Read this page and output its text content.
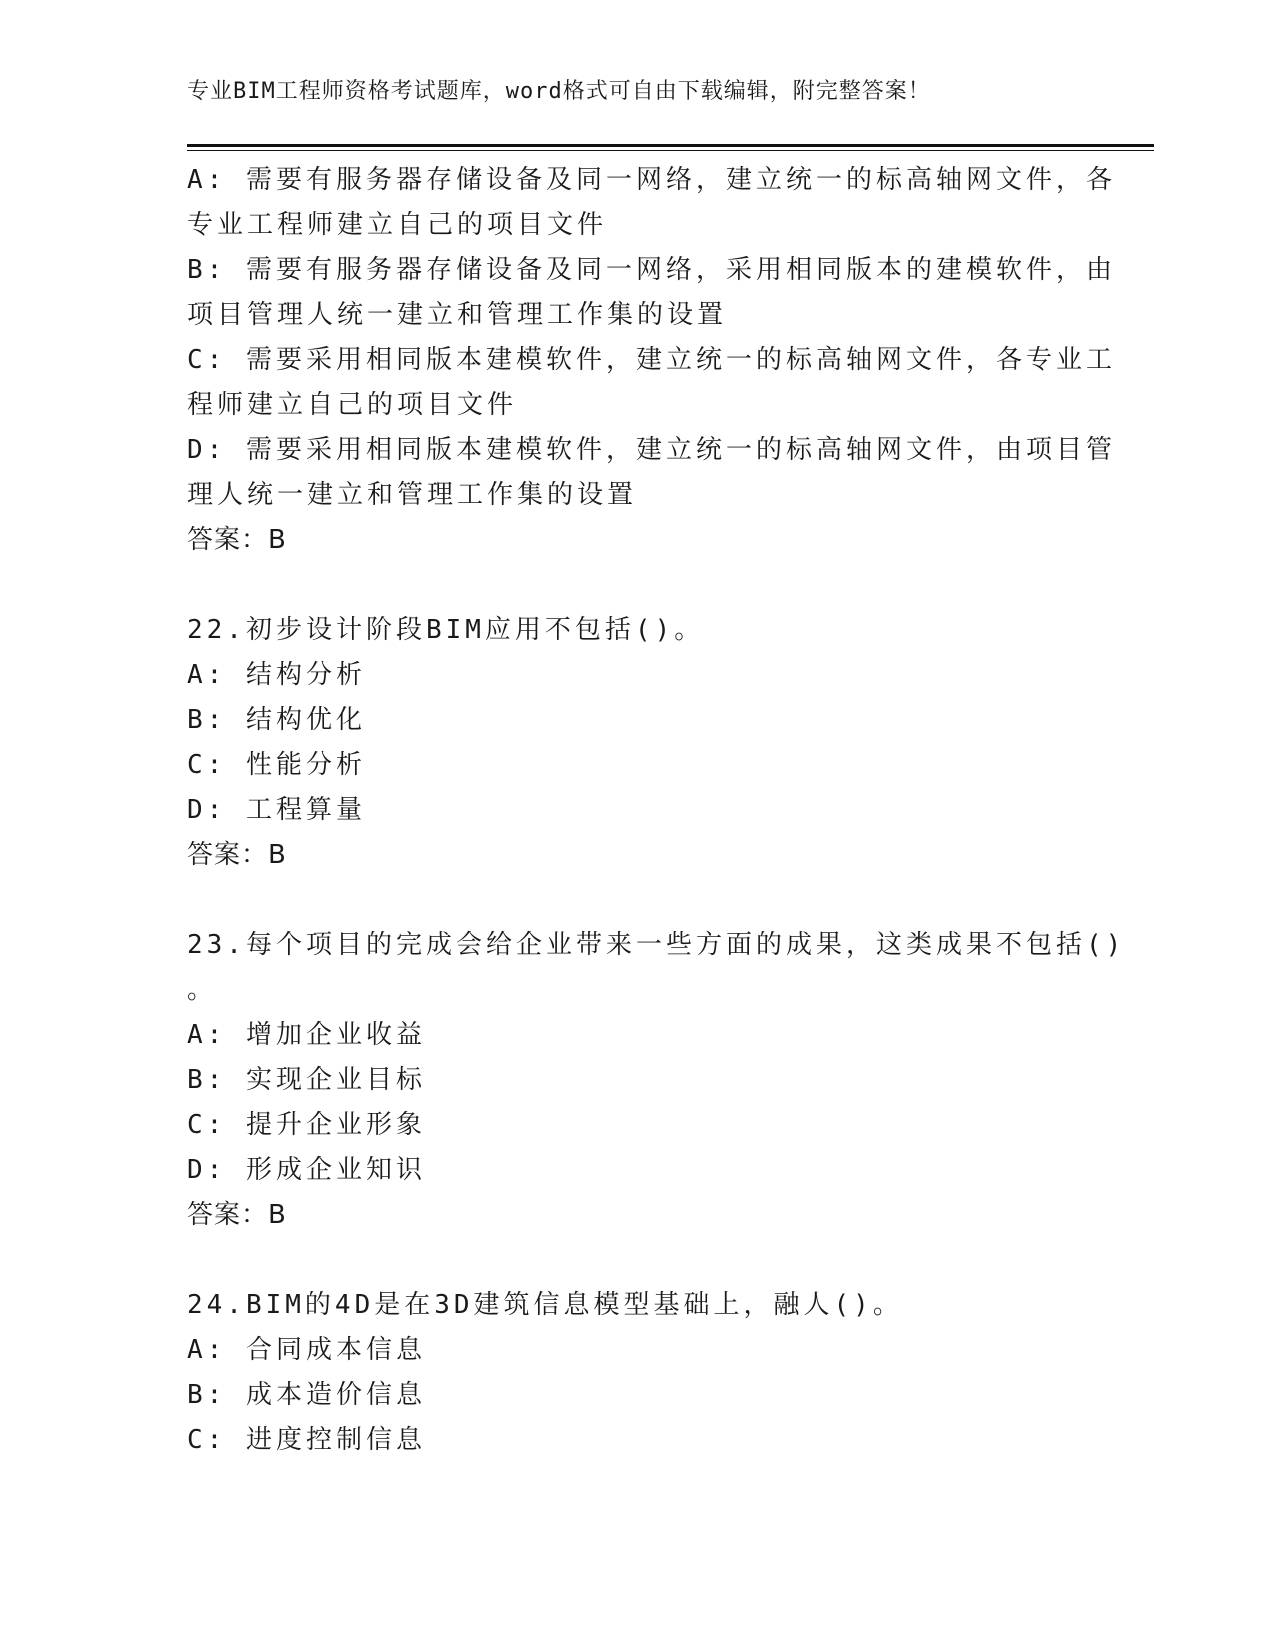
专业BIM工程师资格考试题库，word格式可自由下载编辑，附完整答案！
A: 需要有服务器存储设备及同一网络，建立统一的标高轴网文件，各
专业工程师建立自己的项目文件
B: 需要有服务器存储设备及同一网络，采用相同版本的建模软件，由
项目管理人统一建立和管理工作集的设置
C: 需要采用相同版本建模软件，建立统一的标高轴网文件，各专业工
程师建立自己的项目文件
D: 需要采用相同版本建模软件，建立统一的标高轴网文件，由项目管
理人统一建立和管理工作集的设置
答案：B
22.初步设计阶段BIM应用不包括()。
A: 结构分析
B: 结构优化
C: 性能分析
D: 工程算量
答案：B
23.每个项目的完成会给企业带来一些方面的成果，这类成果不包括()
。
A: 增加企业收益
B: 实现企业目标
C: 提升企业形象
D: 形成企业知识
答案：B
24.BIM的4D是在3D建筑信息模型基础上，融人()。
A: 合同成本信息
B: 成本造价信息
C: 进度控制信息
